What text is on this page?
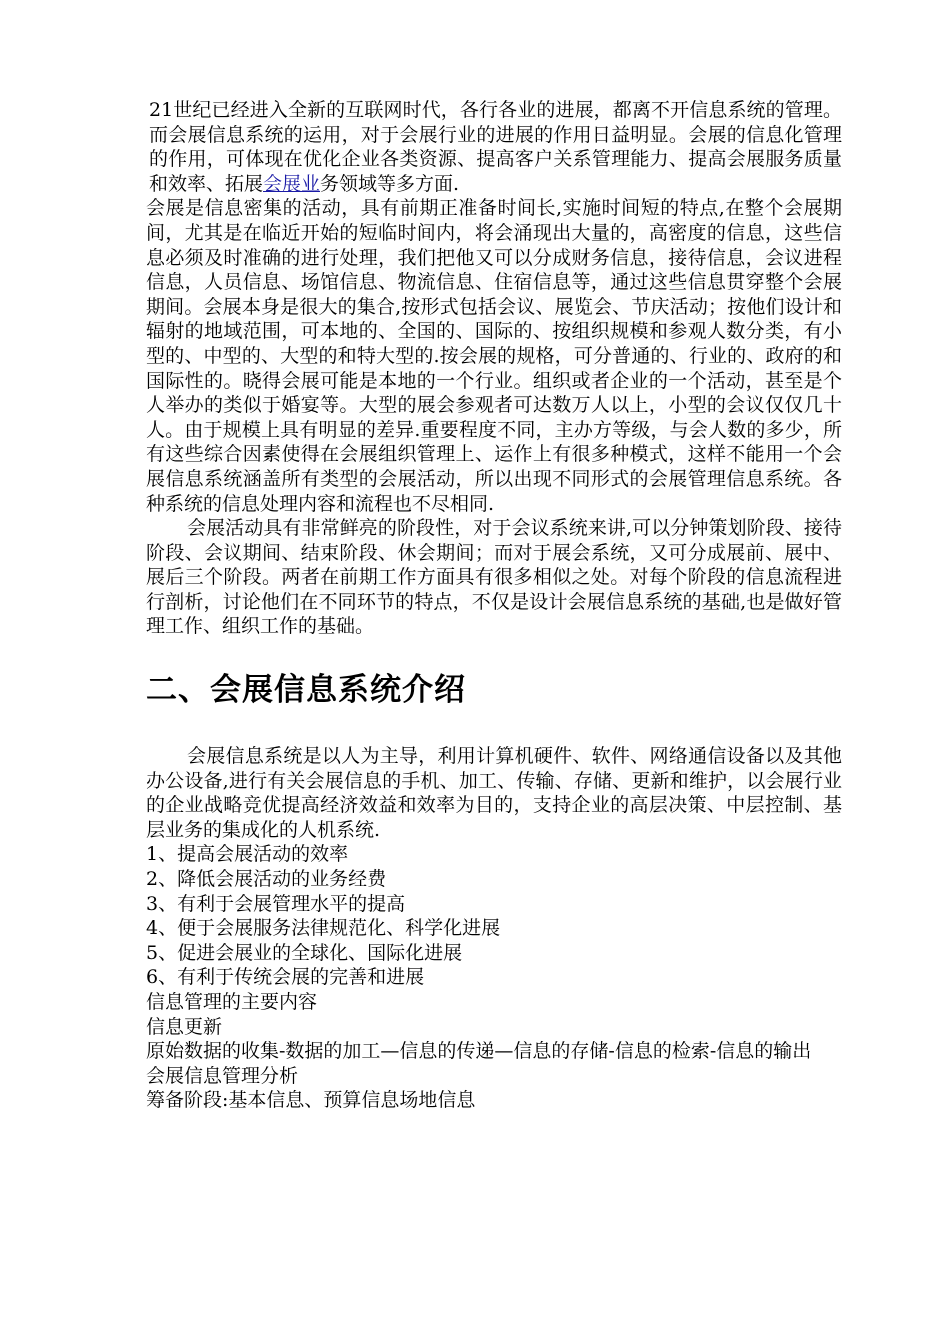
21世纪已经进入全新的互联网时代，各行各业的进展，都离不开信息系统的管理。而会展信息系统的运用，对于会展行业的进展的作用日益明显。会展的信息化管理的作用，可体现在优化企业各类资源、提高客户关系管理能力、提高会展服务质量和效率、拓展会展业务领域等多方面.

会展是信息密集的活动，具有前期正准备时间长,实施时间短的特点,在整个会展期间，尤其是在临近开始的短临时间内，将会涌现出大量的，高密度的信息，这些信息必须及时准确的进行处理，我们把他又可以分成财务信息，接待信息，会议进程信息，人员信息、场馆信息、物流信息、住宿信息等，通过这些信息贯穿整个会展期间。会展本身是很大的集合,按形式包括会议、展览会、节庆活动；按他们设计和辐射的地域范围，可本地的、全国的、国际的、按组织规模和参观人数分类，有小型的、中型的、大型的和特大型的.按会展的规格，可分普通的、行业的、政府的和国际性的。晓得会展可能是本地的一个行业。组织或者企业的一个活动，甚至是个人举办的类似于婚宴等。大型的展会参观者可达数万人以上，小型的会议仅仅几十人。由于规模上具有明显的差异.重要程度不同，主办方等级，与会人数的多少，所有这些综合因素使得在会展组织管理上、运作上有很多种模式，这样不能用一个会展信息系统涵盖所有类型的会展活动，所以出现不同形式的会展管理信息系统。各种系统的信息处理内容和流程也不尽相同.

会展活动具有非常鲜亮的阶段性，对于会议系统来讲,可以分钟策划阶段、接待阶段、会议期间、结束阶段、休会期间；而对于展会系统，又可分成展前、展中、展后三个阶段。两者在前期工作方面具有很多相似之处。对每个阶段的信息流程进行剖析，讨论他们在不同环节的特点，不仅是设计会展信息系统的基础,也是做好管理工作、组织工作的基础。

二、会展信息系统介绍

会展信息系统是以人为主导，利用计算机硬件、软件、网络通信设备以及其他办公设备,进行有关会展信息的手机、加工、传输、存储、更新和维护，以会展行业的企业战略竞优提高经济效益和效率为目的，支持企业的高层决策、中层控制、基层业务的集成化的人机系统.

1、提高会展活动的效率

2、降低会展活动的业务经费

3、有利于会展管理水平的提高

4、便于会展服务法律规范化、科学化进展

5、促进会展业的全球化、国际化进展

6、有利于传统会展的完善和进展

信息管理的主要内容

信息更新

原始数据的收集-数据的加工—信息的传递—信息的存储-信息的检索-信息的输出

会展信息管理分析

筹备阶段:基本信息、预算信息场地信息
